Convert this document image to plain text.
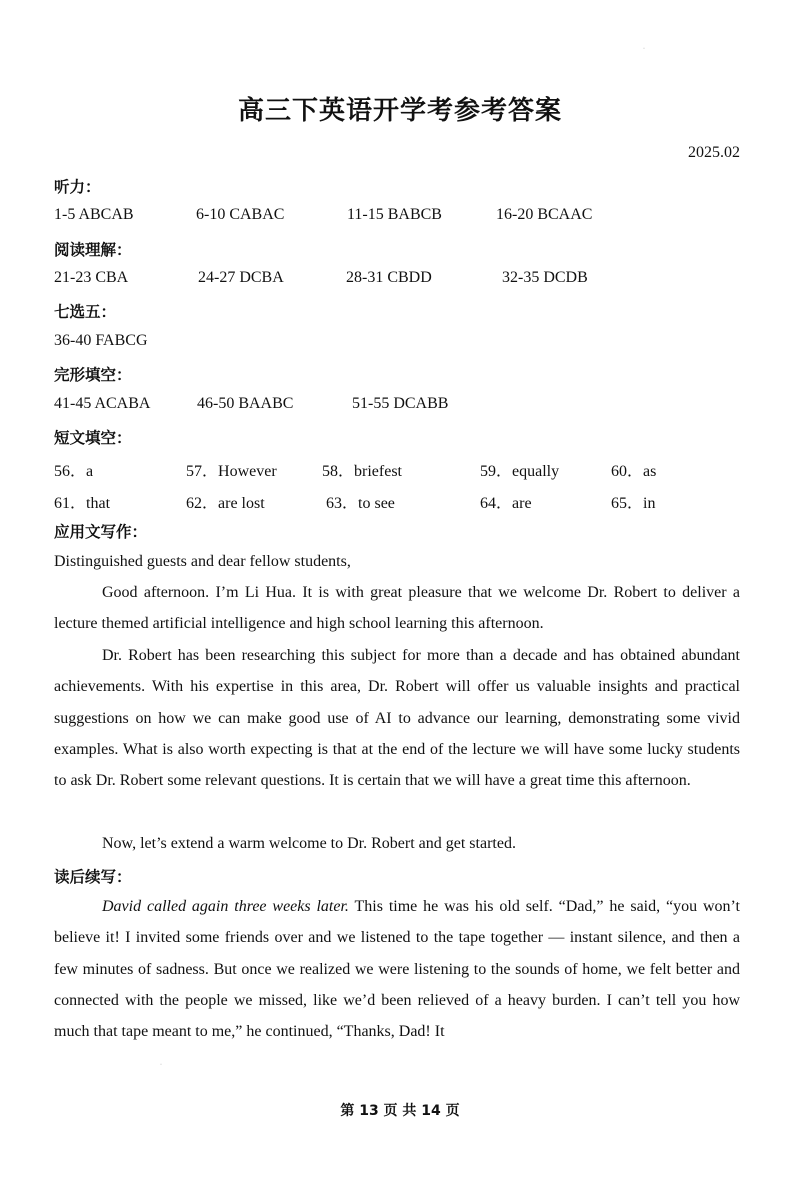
高三下英语开学考参考答案
2025.02
听力：
1-5 ABCAB	6-10 CABAC	11-15 BABCB	16-20 BCAAC
阅读理解：
21-23 CBA	24-27 DCBA	28-31 CBDD	32-35 DCDB
七选五：
36-40 FABCG
完形填空：
41-45 ACABA	46-50 BAABC	51-55 DCABB
短文填空：
56．a	57．However	58．briefest	59．equally	60．as
61．that	62．are lost	63．to see	64．are	65．in
应用文写作：

Distinguished guests and dear fellow students,

Good afternoon. I’m Li Hua. It is with great pleasure that we welcome Dr. Robert to deliver a lecture themed artificial intelligence and high school learning this afternoon.

Dr. Robert has been researching this subject for more than a decade and has obtained abundant achievements. With his expertise in this area, Dr. Robert will offer us valuable insights and practical suggestions on how we can make good use of AI to advance our learning, demonstrating some vivid examples. What is also worth expecting is that at the end of the lecture we will have some lucky students to ask Dr. Robert some relevant questions. It is certain that we will have a great time this afternoon.

Now, let’s extend a warm welcome to Dr. Robert and get started.

读后续写：

David called again three weeks later. This time he was his old self. “Dad,” he said, “you won’t believe it! I invited some friends over and we listened to the tape together — instant silence, and then a few minutes of sadness. But once we realized we were listening to the sounds of home, we felt better and connected with the people we missed, like we’d been relieved of a heavy burden. I can’t tell you how much that tape meant to me,” he continued, “Thanks, Dad! It

第 13 页 共 14 页
·
·
